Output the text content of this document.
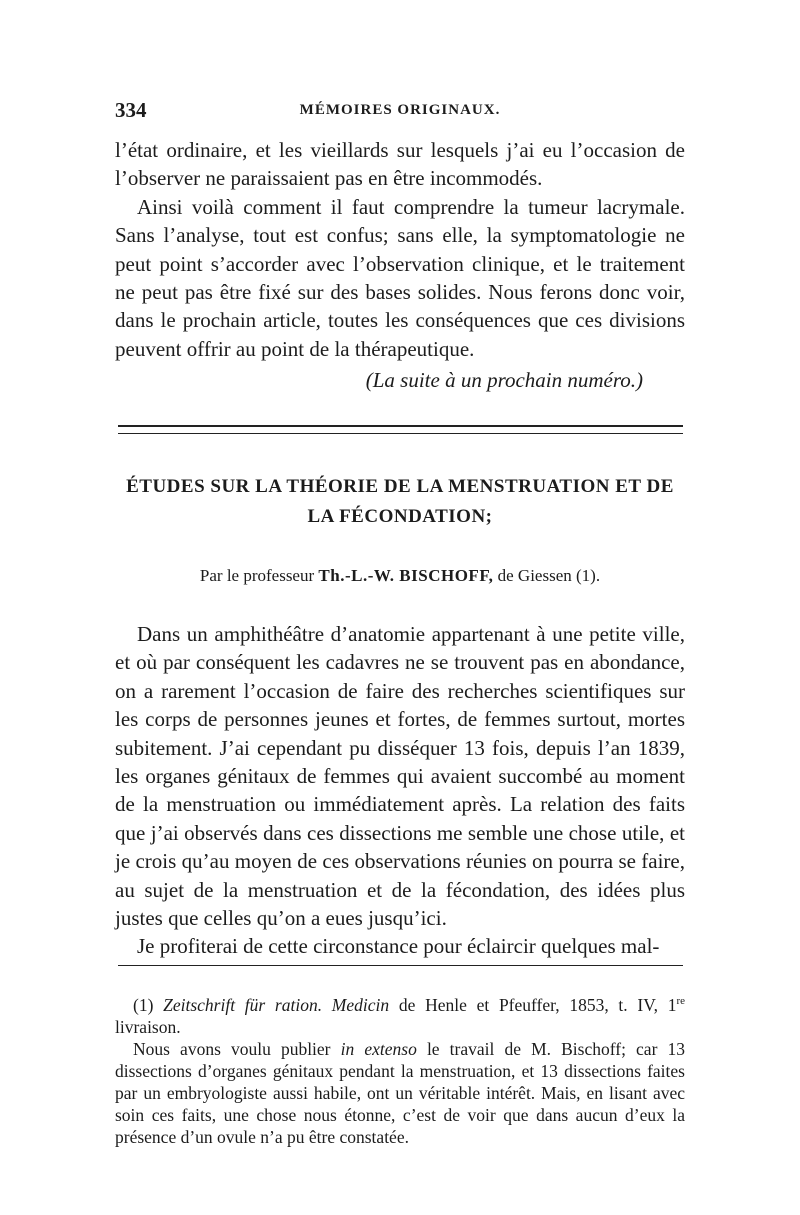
334	MÉMOIRES ORIGINAUX.

l’état ordinaire, et les vieillards sur lesquels j’ai eu l’occasion de l’observer ne paraissaient pas en être incommodés.

Ainsi voilà comment il faut comprendre la tumeur lacrymale. Sans l’analyse, tout est confus; sans elle, la symptomatologie ne peut point s’accorder avec l’observation clinique, et le traitement ne peut pas être fixé sur des bases solides. Nous ferons donc voir, dans le prochain article, toutes les conséquences que ces divisions peuvent offrir au point de la thérapeutique.

(La suite à un prochain numéro.)
ÉTUDES SUR LA THÉORIE DE LA MENSTRUATION ET DE LA FÉCONDATION;
Par le professeur Th.-L.-W. BISCHOFF, de Giessen (1).

Dans un amphithéâtre d’anatomie appartenant à une petite ville, et où par conséquent les cadavres ne se trouvent pas en abondance, on a rarement l’occasion de faire des recherches scientifiques sur les corps de personnes jeunes et fortes, de femmes surtout, mortes subitement. J’ai cependant pu disséquer 13 fois, depuis l’an 1839, les organes génitaux de femmes qui avaient succombé au moment de la menstruation ou immédiatement après. La relation des faits que j’ai observés dans ces dissections me semble une chose utile, et je crois qu’au moyen de ces observations réunies on pourra se faire, au sujet de la menstruation et de la fécondation, des idées plus justes que celles qu’on a eues jusqu’ici.

Je profiterai de cette circonstance pour éclaircir quelques mal-

(1) Zeitschrift für ration. Medicin de Henle et Pfeuffer, 1853, t. IV, 1re livraison.

Nous avons voulu publier in extenso le travail de M. Bischoff; car 13 dissections d’organes génitaux pendant la menstruation, et 13 dissections faites par un embryologiste aussi habile, ont un véritable intérêt. Mais, en lisant avec soin ces faits, une chose nous étonne, c’est de voir que dans aucun d’eux la présence d’un ovule n’a pu être constatée.
